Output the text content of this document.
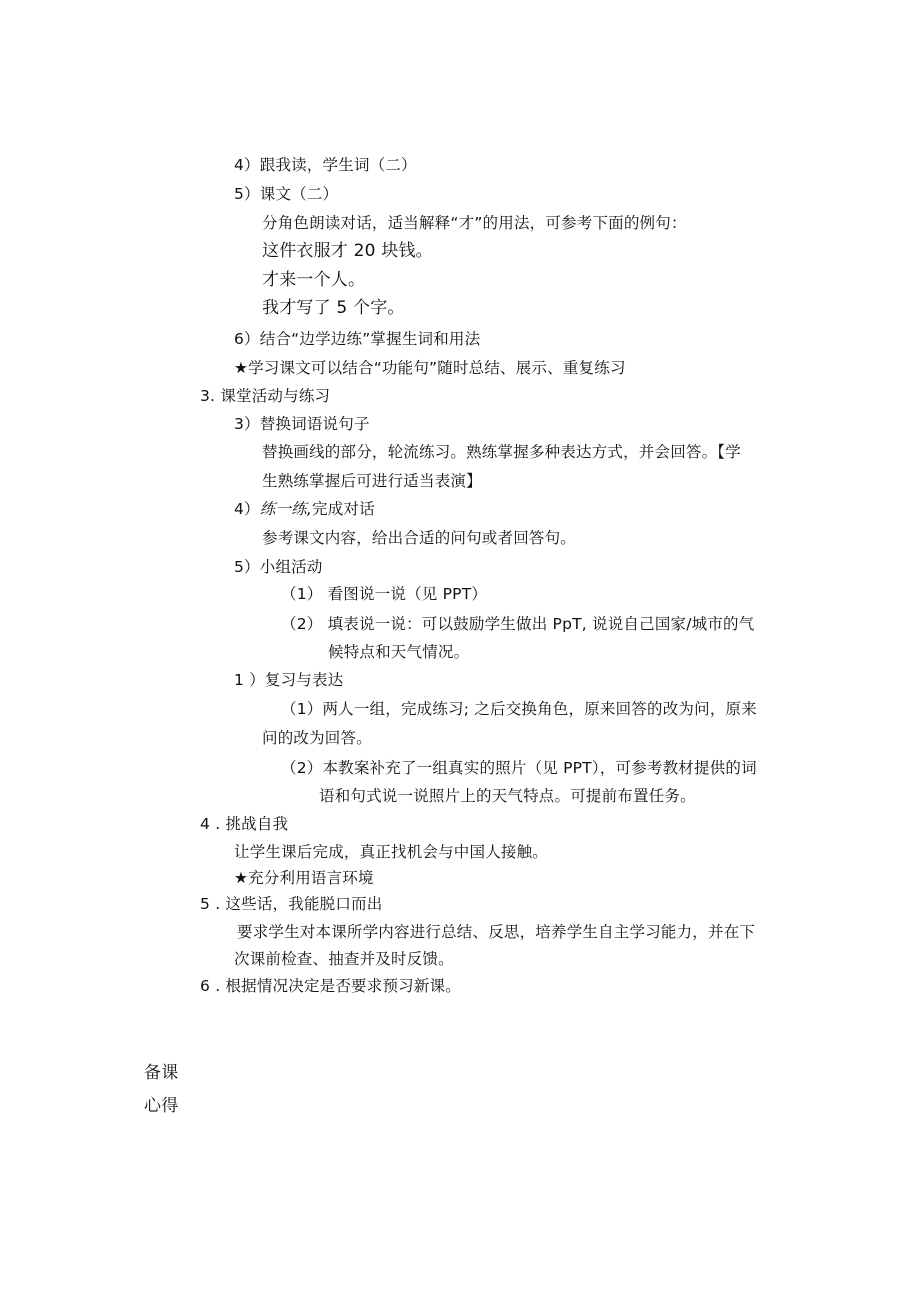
4）跟我读，学生词（二）
5）课文（二）
分角色朗读对话，适当解释“才”的用法，可参考下面的例句：
这件衣服才 20 块钱。
才来一个人。
我才写了 5 个字。
6）结合“边学边练”掌握生词和用法
★学习课文可以结合“功能句”随时总结、展示、重复练习
3. 课堂活动与练习
3）替换词语说句子
替换画线的部分，轮流练习。熟练掌握多种表达方式，并会回答。【学
生熟练掌握后可进行适当表演】
4）练一练,完成对话
参考课文内容，给出合适的问句或者回答句。
5）小组活动
（1） 看图说一说（见 PPT）
（2） 填表说一说：可以鼓励学生做出 PpT, 说说自己国家/城市的气
候特点和天气情况。
1 ）复习与表达
（1）两人一组，完成练习; 之后交换角色，原来回答的改为问，原来
问的改为回答。
（2）本教案补充了一组真实的照片（见 PPT），可参考教材提供的词
语和句式说一说照片上的天气特点。可提前布置任务。
4 . 挑战自我
让学生课后完成，真正找机会与中国人接触。
★充分利用语言环境
5 . 这些话，我能脱口而出
要求学生对本课所学内容进行总结、反思，培养学生自主学习能力，并在下
次课前检查、抽查并及时反馈。
6 . 根据情况决定是否要求预习新课。
备课
心得
